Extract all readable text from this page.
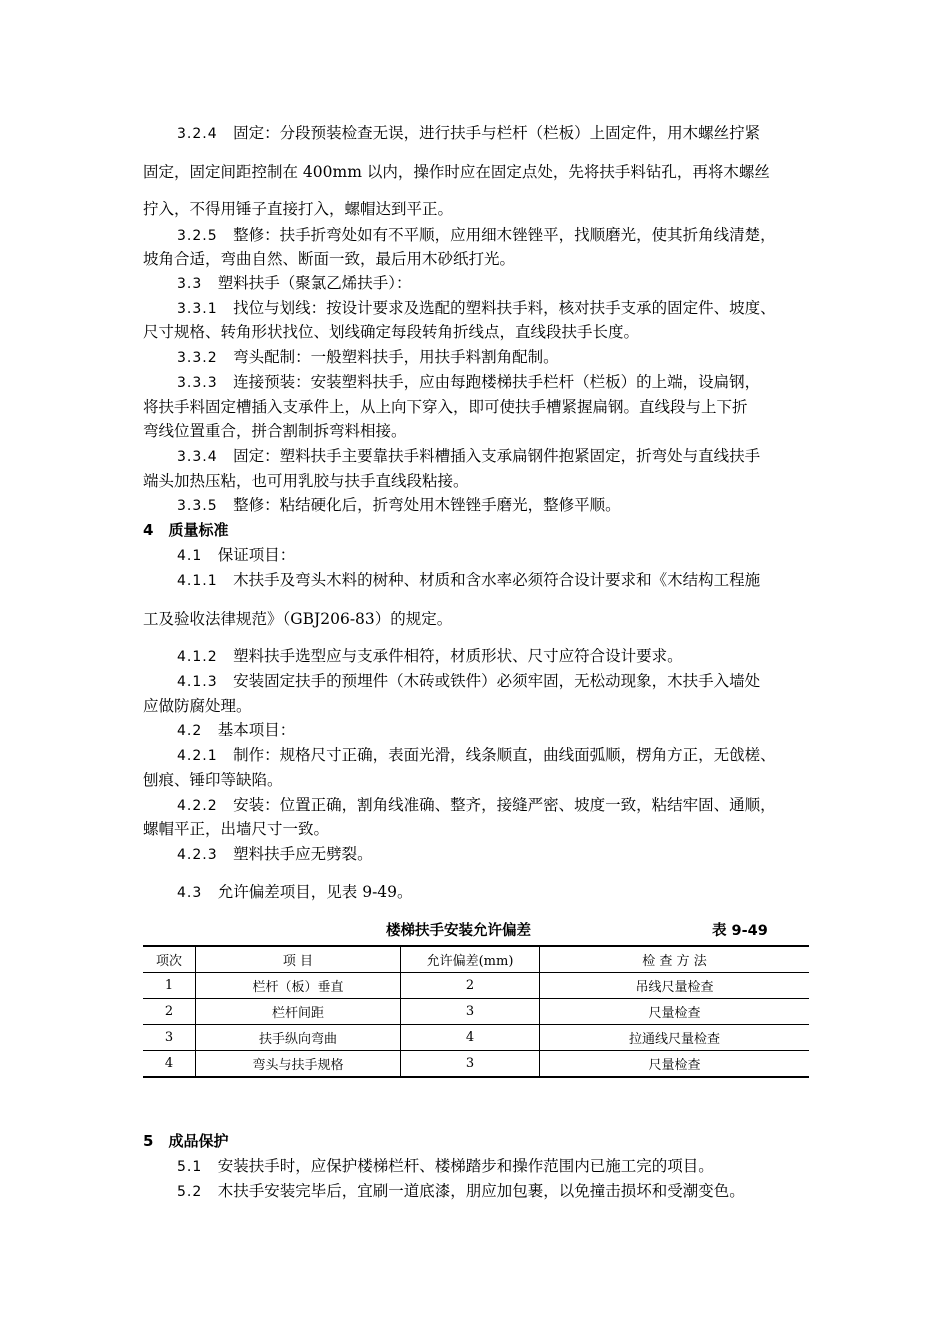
3.2.4　 固定：分段预装检查无误，进行扶手与栏杆（栏板）上固定件，用木螺丝拧紧
固定，固定间距控制在 400mm 以内，操作时应在固定点处，先将扶手料钻孔，再将木螺丝
拧入，不得用锤子直接打入，螺帽达到平正。
3.2.5　 整修：扶手折弯处如有不平顺，应用细木锉锉平，找顺磨光，使其折角线清楚，
坡角合适，弯曲自然、断面一致，最后用木砂纸打光。
3.3　 塑料扶手（聚氯乙烯扶手）：
3.3.1　 找位与划线：按设计要求及选配的塑料扶手料，核对扶手支承的固定件、坡度、
尺寸规格、转角形状找位、划线确定每段转角折线点，直线段扶手长度。
3.3.2　 弯头配制：一般塑料扶手，用扶手料割角配制。
3.3.3　 连接预装：安装塑料扶手，应由每跑楼梯扶手栏杆（栏板）的上端，设扁钢，
将扶手料固定槽插入支承件上，从上向下穿入，即可使扶手槽紧握扁钢。直线段与上下折
弯线位置重合，拼合割制拆弯料相接。
3.3.4　 固定：塑料扶手主要靠扶手料槽插入支承扁钢件抱紧固定，折弯处与直线扶手
端头加热压粘，也可用乳胶与扶手直线段粘接。
3.3.5　 整修：粘结硬化后，折弯处用木锉锉手磨光，整修平顺。
4　 质量标准
4.1　 保证项目：
4.1.1　 木扶手及弯头木料的树种、材质和含水率必须符合设计要求和《木结构工程施
工及验收法律规范》（GBJ206-83）的规定。
4.1.2　 塑料扶手选型应与支承件相符，材质形状、尺寸应符合设计要求。
4.1.3　 安装固定扶手的预埋件（木砖或铁件）必须牢固，无松动现象，木扶手入墙处
应做防腐处理。
4.2　 基本项目：
4.2.1　 制作：规格尺寸正确，表面光滑，线条顺直，曲线面弧顺，楞角方正，无戗槎、
刨痕、锤印等缺陷。
4.2.2　 安装：位置正确，割角线准确、整齐，接缝严密、坡度一致，粘结牢固、通顺，
螺帽平正，出墙尺寸一致。
4.2.3　 塑料扶手应无劈裂。
4.3　 允许偏差项目，见表 9-49。
楼梯扶手安装允许偏差	表 9-49
项次	项 目	允许偏差(mm)	检 查 方 法
1	栏杆（板）垂直	2	吊线尺量检查
2	栏杆间距	3	尺量检查
3	扶手纵向弯曲	4	拉通线尺量检查
4	弯头与扶手规格	3	尺量检查
5　 成品保护
5.1　 安装扶手时，应保护楼梯栏杆、楼梯踏步和操作范围内已施工完的项目。
5.2　 木扶手安装完毕后，宜刷一道底漆，朋应加包裹，以免撞击损坏和受潮变色。
